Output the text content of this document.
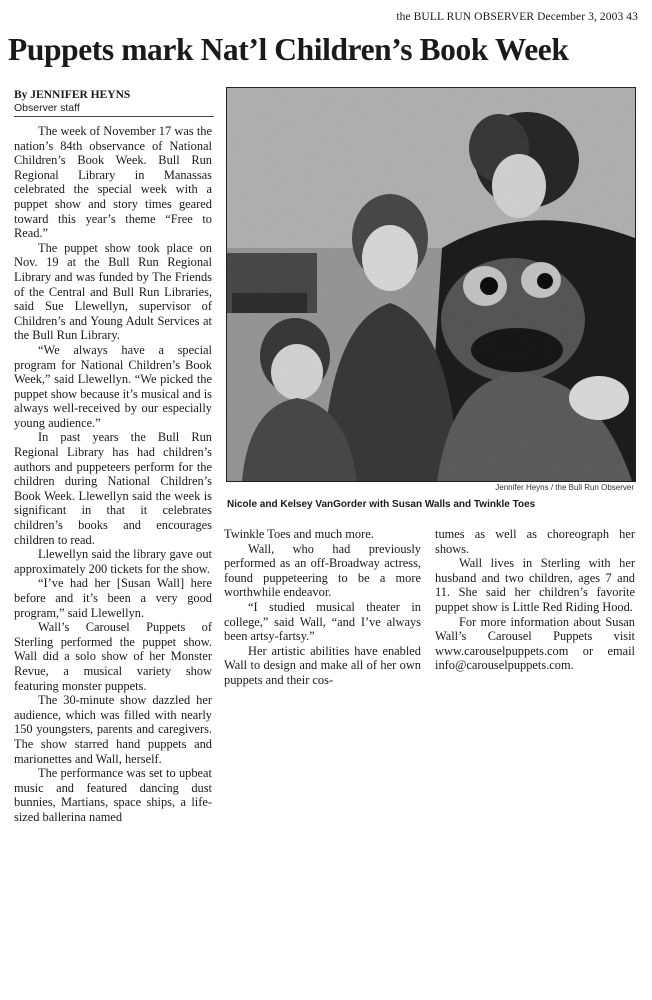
the BULL RUN OBSERVER December 3, 2003 43
Puppets mark Nat’l Children’s Book Week
By JENNIFER HEYNS
Observer staff

The week of November 17 was the nation’s 84th observance of National Children’s Book Week. Bull Run Regional Library in Manassas celebrated the special week with a puppet show and story times geared toward this year’s theme “Free to Read.”

The puppet show took place on Nov. 19 at the Bull Run Regional Library and was funded by The Friends of the Central and Bull Run Libraries, said Sue Llewellyn, supervisor of Children’s and Young Adult Services at the Bull Run Library.

“We always have a special program for National Children’s Book Week,” said Llewellyn. “We picked the puppet show because it’s musical and is always well-received by our especially young audience.”

In past years the Bull Run Regional Library has had children’s authors and puppeteers perform for the children during National Children’s Book Week. Llewellyn said the week is significant in that it celebrates children’s books and encourages children to read.

Llewellyn said the library gave out approximately 200 tickets for the show.

“I’ve had her [Susan Wall] here before and it’s been a very good program,” said Llewellyn.

Wall’s Carousel Puppets of Sterling performed the puppet show. Wall did a solo show of her Monster Revue, a musical variety show featuring monster puppets.

The 30-minute show dazzled her audience, which was filled with nearly 150 youngsters, parents and caregivers. The show starred hand puppets and marionettes and Wall, herself.

The performance was set to upbeat music and featured dancing dust bunnies, Martians, space ships, a life-sized ballerina named

Jennifer Heyns / the Bull Run Observer
Nicole and Kelsey VanGorder with Susan Walls and Twinkle Toes

Twinkle Toes and much more.

Wall, who had previously performed as an off-Broadway actress, found puppeteering to be a more worthwhile endeavor.

“I studied musical theater in college,” said Wall, “and I’ve always been artsy-fartsy.”

Her artistic abilities have enabled Wall to design and make all of her own puppets and their cos-

tumes as well as choreograph her shows.

Wall lives in Sterling with her husband and two children, ages 7 and 11. She said her children’s favorite puppet show is Little Red Riding Hood.

For more information about Susan Wall’s Carousel Puppets visit www.carouselpuppets.com or email info@carouselpuppets.com.
